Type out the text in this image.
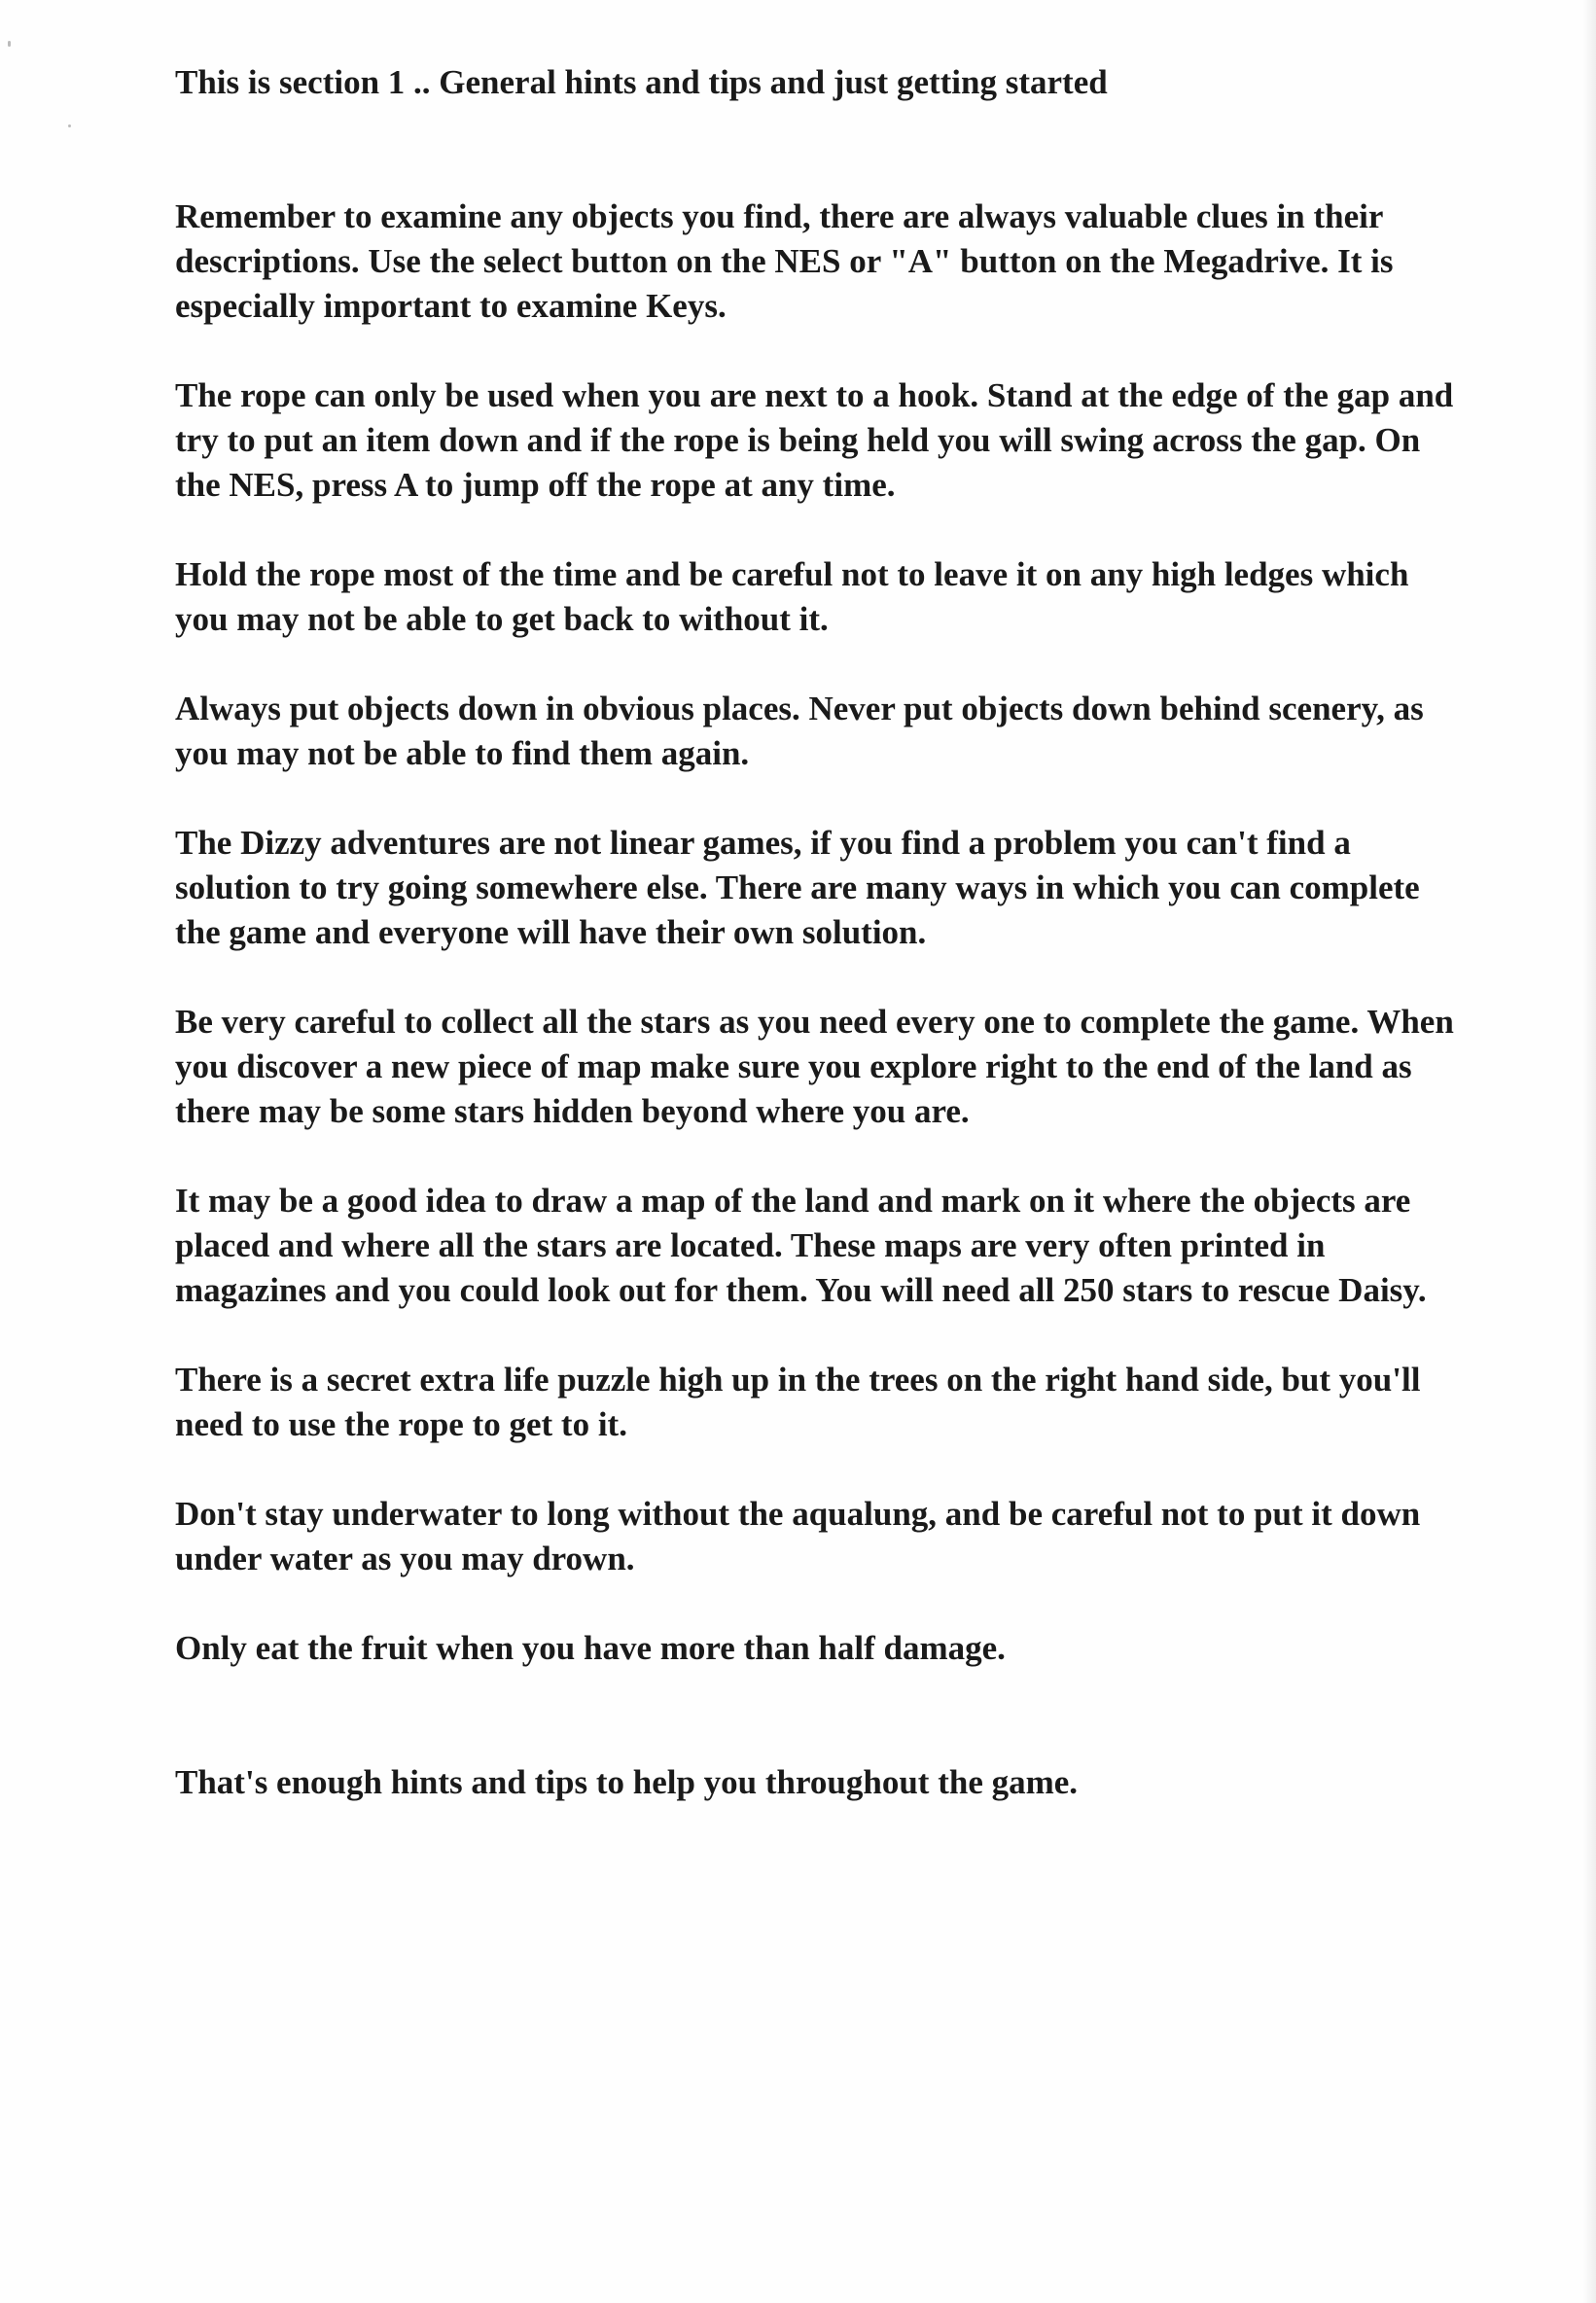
This is section 1 .. General hints and tips and just getting started
Remember to examine any objects you find, there are always valuable clues in their descriptions. Use the select button on the NES or "A" button on the Megadrive. It is especially important to examine Keys.
The rope can only be used when you are next to a hook. Stand at the edge of the gap and try to put an item down and if the rope is being held you will swing across the gap. On the NES, press A to jump off the rope at any time.
Hold the rope most of the time and be careful not to leave it on any high ledges which you may not be able to get back to without it.
Always put objects down in obvious places. Never put objects down behind scenery, as you may not be able to find them again.
The Dizzy adventures are not linear games, if you find a problem you can't find a solution to try going somewhere else. There are many ways in which you can complete the game and everyone will have their own solution.
Be very careful to collect all the stars as you need every one to complete the game. When you discover a new piece of map make sure you explore right to the end of the land as there may be some stars hidden beyond where you are.
It may be a good idea to draw a map of the land and mark on it where the objects are placed and where all the stars are located. These maps are very often printed in magazines and you could look out for them. You will need all 250 stars to rescue Daisy.
There is a secret extra life puzzle high up in the trees on the right hand side, but you'll need to use the rope to get to it.
Don't stay underwater to long without the aqualung, and be careful not to put it down under water as you may drown.
Only eat the fruit when you have more than half damage.
That's enough hints and tips to help you throughout the game.
